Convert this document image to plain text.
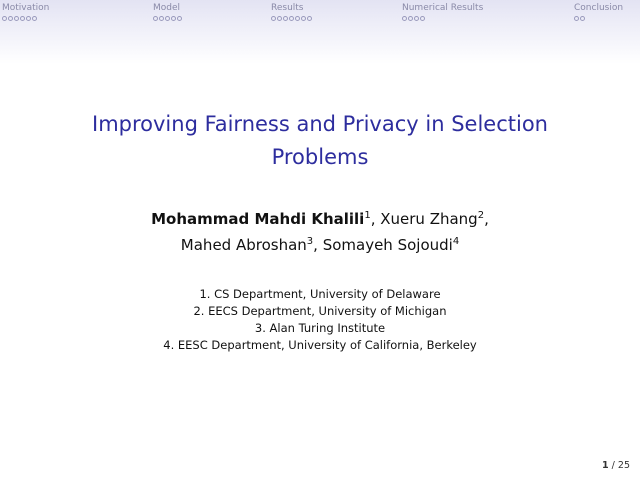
Motivation	Model	Results	Numerical Results	Conclusion
Improving Fairness and Privacy in Selection
Problems
Mohammad Mahdi Khalili$^1$, Xueru Zhang$^2$,
Mahed Abroshan$^3$, Somayeh Sojoudi$^4$
1. CS Department, University of Delaware
2. EECS Department, University of Michigan
3. Alan Turing Institute
4. EESC Department, University of California, Berkeley
1 / 25
